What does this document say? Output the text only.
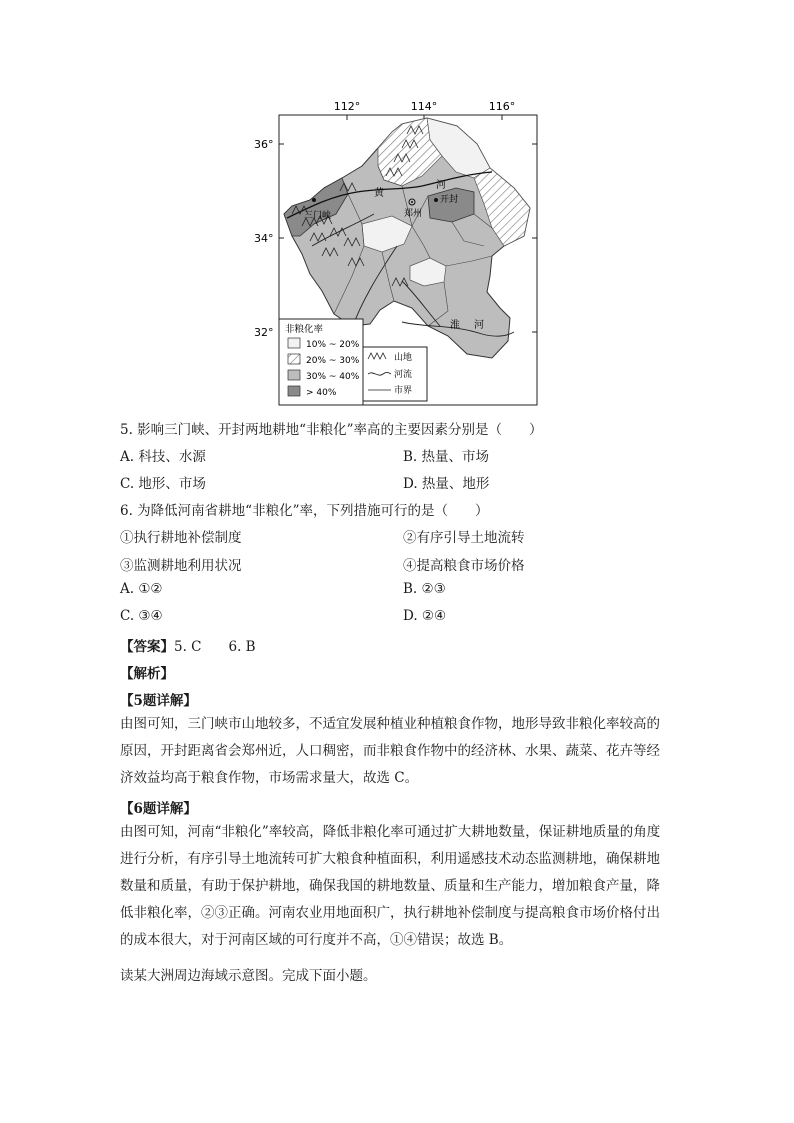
112°	114°	116°
36°
34°
32°
黄
河
淮 河
三门峡	郑州
开封
非粮化率
10% ~ 20%
20% ~ 30%
30% ~ 40%
> 40%
山地
河流
市界
5. 影响三门峡、开封两地耕地“非粮化”率高的主要因素分别是（　　）
A. 科技、水源	B. 热量、市场
C. 地形、市场	D. 热量、地形
6. 为降低河南省耕地“非粮化”率，下列措施可行的是（　　）
①执行耕地补偿制度	②有序引导土地流转
③监测耕地利用状况	④提高粮食市场价格
A. ①②	B. ②③
C. ③④	D. ②④
【答案】5. C　　6. B
【解析】
【5题详解】
由图可知，三门峡市山地较多，不适宜发展种植业种植粮食作物，地形导致非粮化率较高的
原因，开封距离省会郑州近，人口稠密，而非粮食作物中的经济林、水果、蔬菜、花卉等经
济效益均高于粮食作物，市场需求量大，故选 C。
【6题详解】
由图可知，河南“非粮化”率较高，降低非粮化率可通过扩大耕地数量，保证耕地质量的角度
进行分析，有序引导土地流转可扩大粮食种植面积，利用遥感技术动态监测耕地，确保耕地
数量和质量，有助于保护耕地，确保我国的耕地数量、质量和生产能力，增加粮食产量，降
低非粮化率，②③正确。河南农业用地面积广，执行耕地补偿制度与提高粮食市场价格付出
的成本很大，对于河南区域的可行度并不高，①④错误；故选 B。
读某大洲周边海域示意图。完成下面小题。
